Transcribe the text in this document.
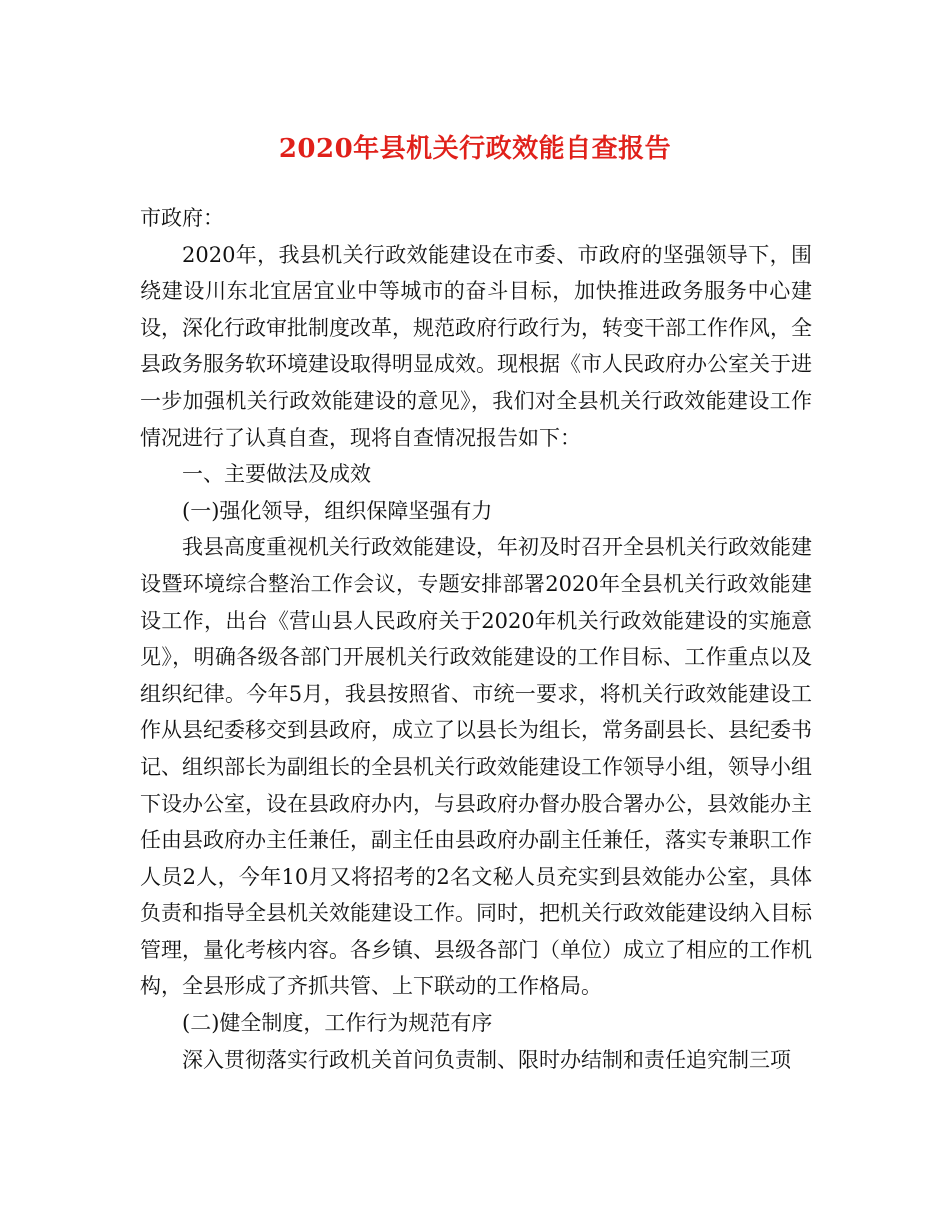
2020年县机关行政效能自查报告

市政府：

2020年，我县机关行政效能建设在市委、市政府的坚强领导下，围绕建设川东北宜居宜业中等城市的奋斗目标，加快推进政务服务中心建设，深化行政审批制度改革，规范政府行政行为，转变干部工作作风，全县政务服务软环境建设取得明显成效。现根据《市人民政府办公室关于进一步加强机关行政效能建设的意见》，我们对全县机关行政效能建设工作情况进行了认真自查，现将自查情况报告如下：

一、主要做法及成效

(一)强化领导，组织保障坚强有力

我县高度重视机关行政效能建设，年初及时召开全县机关行政效能建设暨环境综合整治工作会议，专题安排部署2020年全县机关行政效能建设工作，出台《营山县人民政府关于2020年机关行政效能建设的实施意见》，明确各级各部门开展机关行政效能建设的工作目标、工作重点以及组织纪律。今年5月，我县按照省、市统一要求，将机关行政效能建设工作从县纪委移交到县政府，成立了以县长为组长，常务副县长、县纪委书记、组织部长为副组长的全县机关行政效能建设工作领导小组，领导小组下设办公室，设在县政府办内，与县政府办督办股合署办公，县效能办主任由县政府办主任兼任，副主任由县政府办副主任兼任，落实专兼职工作人员2人，今年10月又将招考的2名文秘人员充实到县效能办公室，具体负责和指导全县机关效能建设工作。同时，把机关行政效能建设纳入目标管理，量化考核内容。各乡镇、县级各部门（单位）成立了相应的工作机构，全县形成了齐抓共管、上下联动的工作格局。

(二)健全制度，工作行为规范有序

深入贯彻落实行政机关首问负责制、限时办结制和责任追究制三项
